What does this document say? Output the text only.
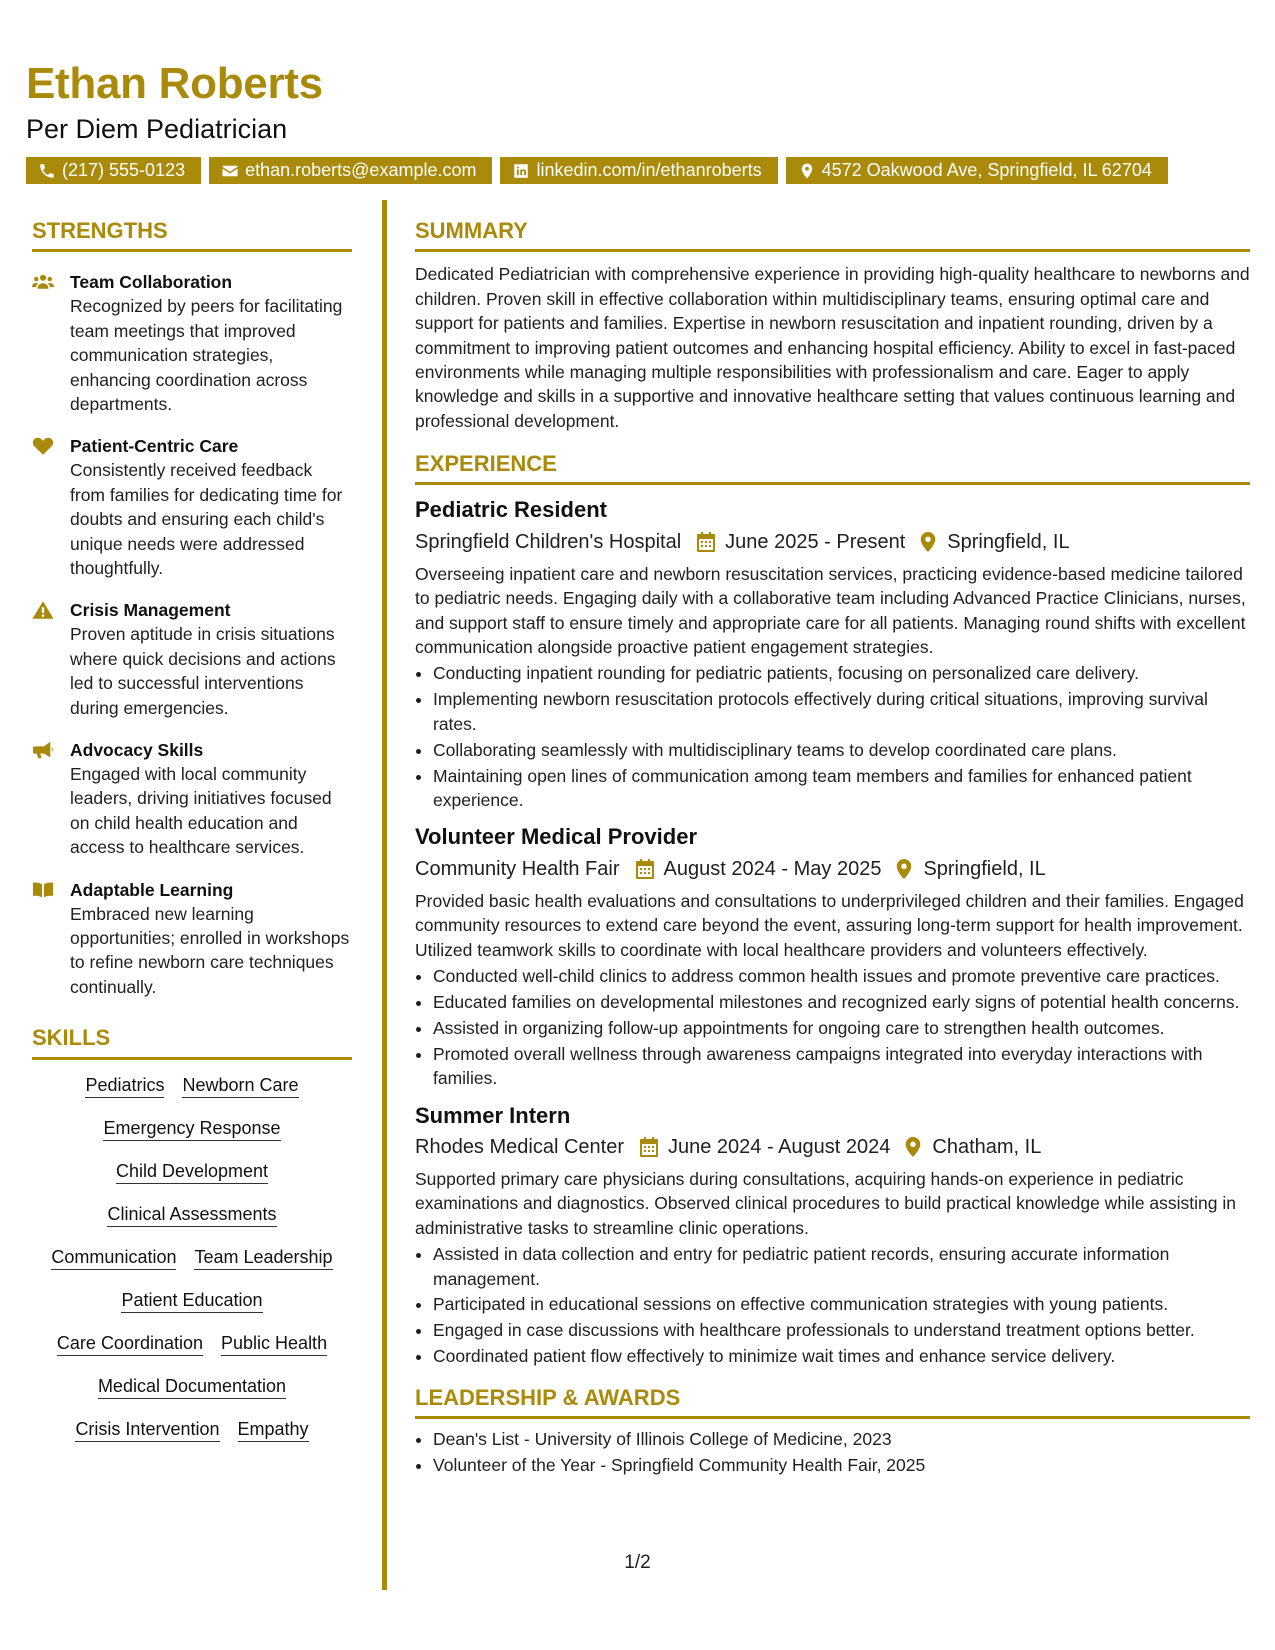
Ethan Roberts
Per Diem Pediatrician
(217) 555-0123	ethan.roberts@example.com	linkedin.com/in/ethanroberts	4572 Oakwood Ave, Springfield, IL 62704
STRENGTHS
Team Collaboration
Recognized by peers for facilitating team meetings that improved communication strategies, enhancing coordination across departments.
Patient-Centric Care
Consistently received feedback from families for dedicating time for doubts and ensuring each child's unique needs were addressed thoughtfully.
Crisis Management
Proven aptitude in crisis situations where quick decisions and actions led to successful interventions during emergencies.
Advocacy Skills
Engaged with local community leaders, driving initiatives focused on child health education and access to healthcare services.
Adaptable Learning
Embraced new learning opportunities; enrolled in workshops to refine newborn care techniques continually.
SKILLS
Pediatrics Newborn Care
Emergency Response
Child Development
Clinical Assessments
Communication Team Leadership
Patient Education
Care Coordination Public Health
Medical Documentation
Crisis Intervention Empathy
SUMMARY

Dedicated Pediatrician with comprehensive experience in providing high-quality healthcare to newborns and children. Proven skill in effective collaboration within multidisciplinary teams, ensuring optimal care and support for patients and families. Expertise in newborn resuscitation and inpatient rounding, driven by a commitment to improving patient outcomes and enhancing hospital efficiency. Ability to excel in fast-paced environments while managing multiple responsibilities with professionalism and care. Eager to apply knowledge and skills in a supportive and innovative healthcare setting that values continuous learning and professional development.

EXPERIENCE
Pediatric Resident
Springfield Children's Hospital June 2025 - Present Springfield, IL

Overseeing inpatient care and newborn resuscitation services, practicing evidence-based medicine tailored to pediatric needs. Engaging daily with a collaborative team including Advanced Practice Clinicians, nurses, and support staff to ensure timely and appropriate care for all patients. Managing round shifts with excellent communication alongside proactive patient engagement strategies.

• Conducting inpatient rounding for pediatric patients, focusing on personalized care delivery.
• Implementing newborn resuscitation protocols effectively during critical situations, improving survival rates.
• Collaborating seamlessly with multidisciplinary teams to develop coordinated care plans.
• Maintaining open lines of communication among team members and families for enhanced patient experience.
Volunteer Medical Provider
Community Health Fair August 2024 - May 2025 Springfield, IL

Provided basic health evaluations and consultations to underprivileged children and their families. Engaged community resources to extend care beyond the event, assuring long-term support for health improvement. Utilized teamwork skills to coordinate with local healthcare providers and volunteers effectively.

• Conducted well-child clinics to address common health issues and promote preventive care practices.
• Educated families on developmental milestones and recognized early signs of potential health concerns.
• Assisted in organizing follow-up appointments for ongoing care to strengthen health outcomes.
• Promoted overall wellness through awareness campaigns integrated into everyday interactions with families.
Summer Intern
Rhodes Medical Center June 2024 - August 2024 Chatham, IL

Supported primary care physicians during consultations, acquiring hands-on experience in pediatric examinations and diagnostics. Observed clinical procedures to build practical knowledge while assisting in administrative tasks to streamline clinic operations.

• Assisted in data collection and entry for pediatric patient records, ensuring accurate information management.
• Participated in educational sessions on effective communication strategies with young patients.
• Engaged in case discussions with healthcare professionals to understand treatment options better.
• Coordinated patient flow effectively to minimize wait times and enhance service delivery.
LEADERSHIP & AWARDS
• Dean's List - University of Illinois College of Medicine, 2023
• Volunteer of the Year - Springfield Community Health Fair, 2025
1/2
